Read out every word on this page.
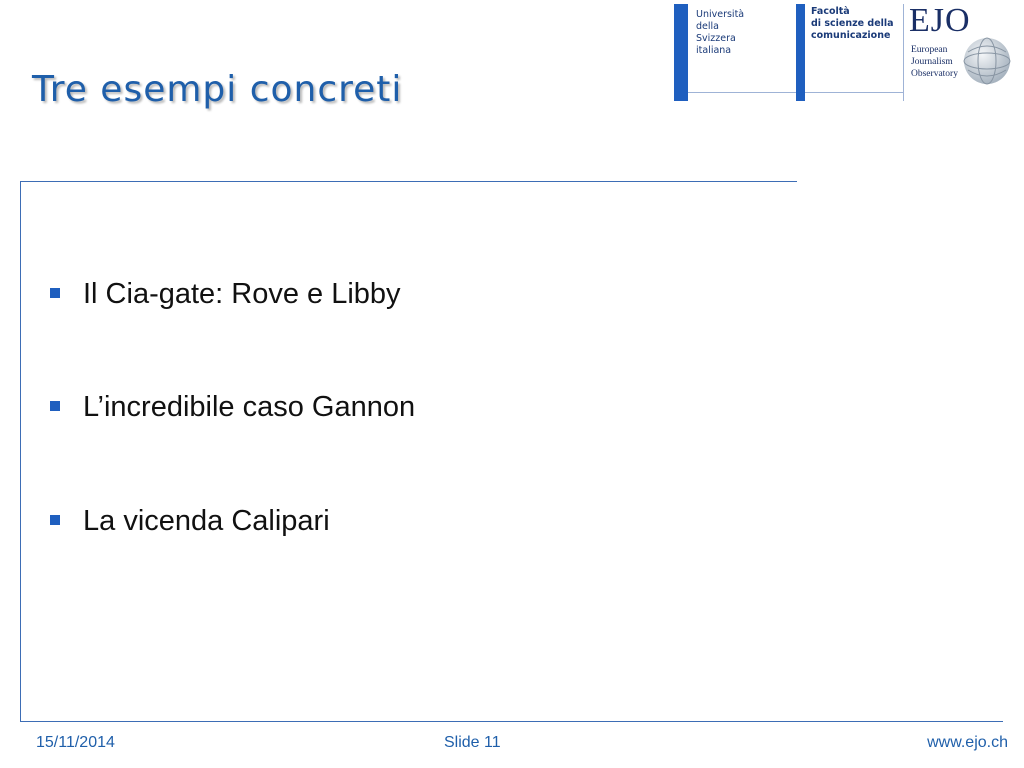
Università
della
Svizzera
italiana
Facoltà
di scienze della
comunicazione EJO
European
Journalism
Observatory
Tre esempi concreti
Il Cia-gate: Rove e Libby
L’incredibile caso Gannon
La vicenda Calipari
15/11/2014	Slide 11	www.ejo.ch
